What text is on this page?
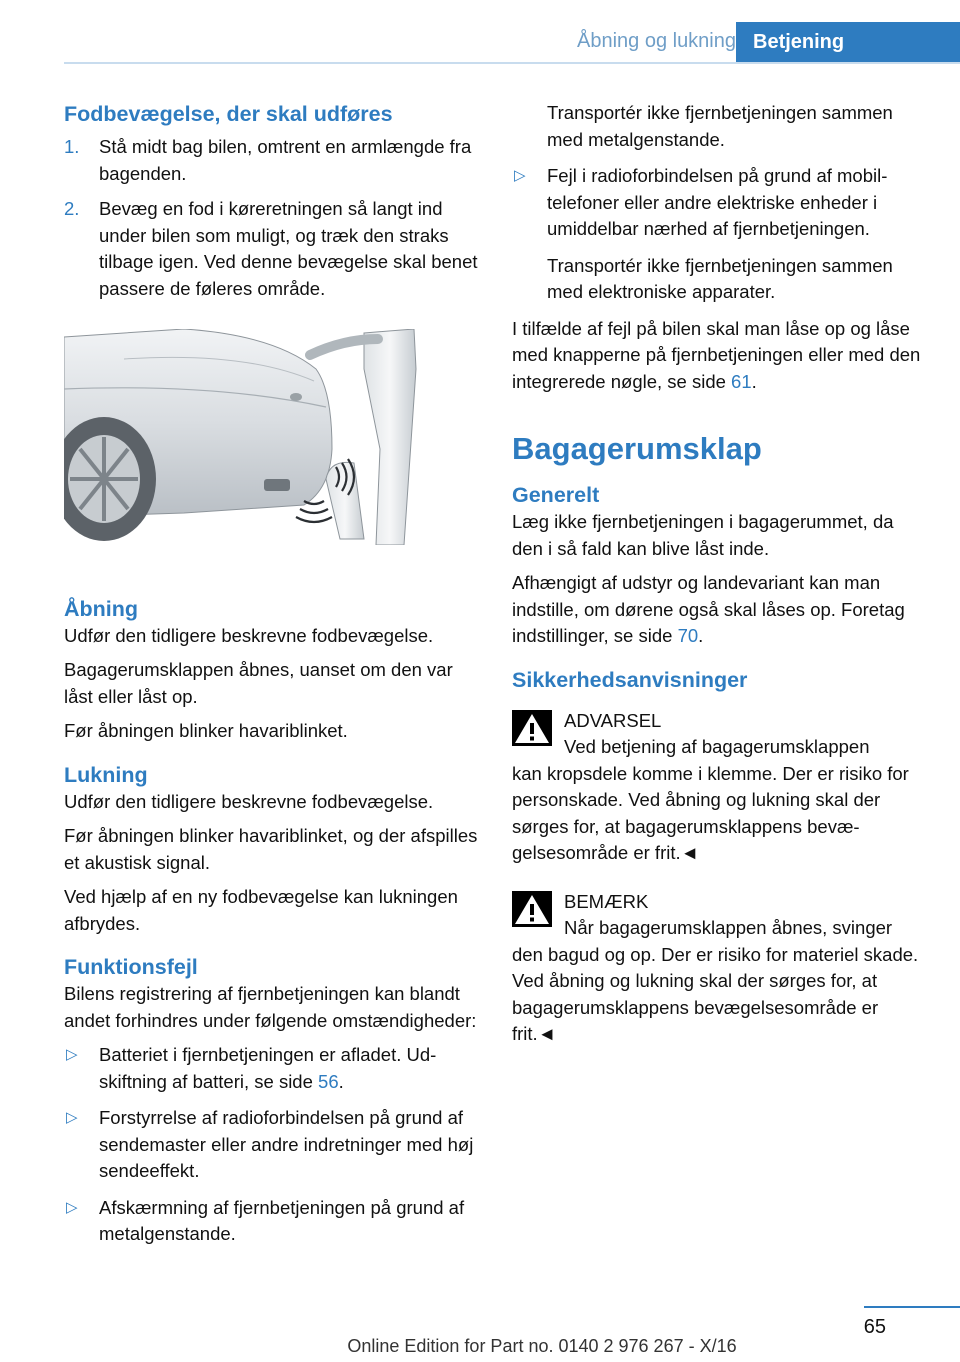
Åbning og lukning Betjening
Fodbevægelse, der skal udføres
1. Stå midt bag bilen, omtrent en armlængde fra bagenden.
2. Bevæg en fod i køreretningen så langt ind under bilen som muligt, og træk den straks tilbage igen. Ved denne bevægelse skal benet passere de føleres område.
Åbning

Udfør den tidligere beskrevne fodbevægelse.

Bagagerumsklappen åbnes, uanset om den var låst eller låst op.

Før åbningen blinker havariblinket.

Lukning

Udfør den tidligere beskrevne fodbevægelse.

Før åbningen blinker havariblinket, og der afspilles et akustisk signal.

Ved hjælp af en ny fodbevægelse kan lukningen afbrydes.

Funktionsfejl

Bilens registrering af fjernbetjeningen kan blandt andet forhindres under følgende omstændigheder:

▷ Batteriet i fjernbetjeningen er afladet. Udskiftning af batteri, se side 56.
▷ Forstyrrelse af radioforbindelsen på grund af sendemaster eller andre indretninger med høj sendeeffekt.
▷ Afskærmning af fjernbetjeningen på grund af metalgenstande.

Transportér ikke fjernbetjeningen sammen med metalgenstande.

▷ Fejl i radioforbindelsen på grund af mobiltelefoner eller andre elektriske enheder i umiddelbar nærhed af fjernbetjeningen.

Transportér ikke fjernbetjeningen sammen med elektroniske apparater.

I tilfælde af fejl på bilen skal man låse op og låse med knapperne på fjernbetjeningen eller med den integrerede nøgle, se side 61.

Bagagerumsklap
Generelt

Læg ikke fjernbetjeningen i bagagerummet, da den i så fald kan blive låst inde.

Afhængigt af udstyr og landevariant kan man indstille, om dørene også skal låses op. Foretag indstillinger, se side 70.

Sikkerhedsanvisninger
ADVARSEL
Ved betjening af bagagerumsklappen
kan kropsdele komme i klemme. Der er risiko for personskade. Ved åbning og lukning skal der sørges for, at bagagerumsklappens bevægelsesområde er frit.◄
BEMÆRK
Når bagagerumsklappen åbnes, svinger
den bagud og op. Der er risiko for materiel skade. Ved åbning og lukning skal der sørges for, at bagagerumsklappens bevægelsesområde er frit.◄
65
Online Edition for Part no. 0140 2 976 267 - X/16
